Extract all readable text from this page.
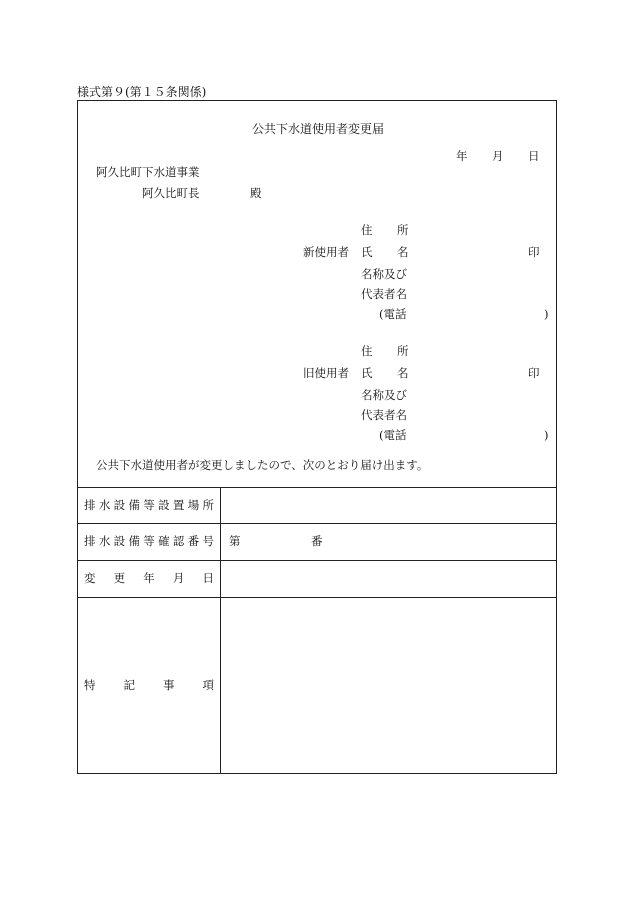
様式第９(第１５条関係)
公共下水道使用者変更届
年 月 日
阿久比町下水道事業
阿久比町長	殿
住 所
新使用者 氏 名	印
名称及び
代表者名
(電話	)
住 所
旧使用者 氏 名	印
名称及び
代表者名
(電話	)
公共下水道使用者が変更しましたので、次のとおり届け出ます。
排 水 設 備 等 設 置 場 所
排 水 設 備 等 確 認 番 号 第	番
変 更 年 月 日
特 記 事 項
